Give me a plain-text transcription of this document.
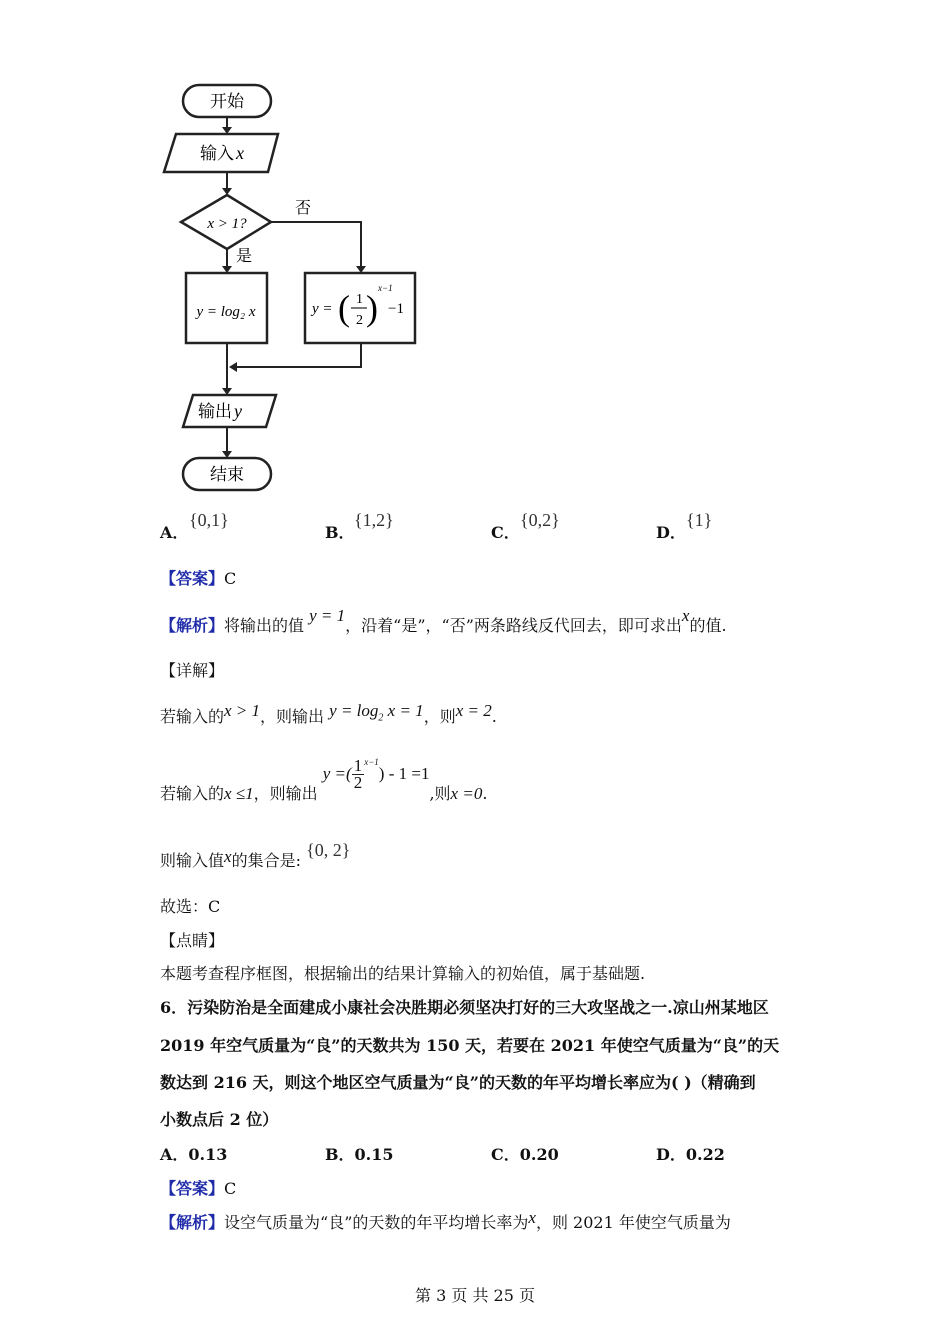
开始
输入 x
x > 1?
否
是
y = log₂ x	y = ( 1
2 ) x−1
−1
输出 y
结束
A．
{0,1}
B．
{1,2}
C．
{0,2}
D．
{1}
【答案】C
【解析】将输出的值 y = 1，沿着“是”，“否”两条路线反代回去，即可求出x的值.
【详解】
若输入的x > 1，则输出 $y = \log_2 x = 1$，则x = 2.
若输入的x ≤1，则输出 y =( $\frac{1}{2} ^{x-1}) - 1 =1$,则x =0.
则输入值x的集合是: {0, 2}
故选：C
【点睛】
本题考查程序框图，根据输出的结果计算输入的初始值，属于基础题.
6．污染防治是全面建成小康社会决胜期必须坚决打好的三大攻坚战之一.凉山州某地区
2019 年空气质量为“良”的天数共为 150 天，若要在 2021 年使空气质量为“良”的天
数达到 216 天，则这个地区空气质量为“良”的天数的年平均增长率应为( )（精确到
小数点后 2 位）
A．0.13	B．0.15	C．0.20	D．0.22
【答案】C
【解析】设空气质量为“良”的天数的年平均增长率为x，则 2021 年使空气质量为
第 3 页 共 25 页
